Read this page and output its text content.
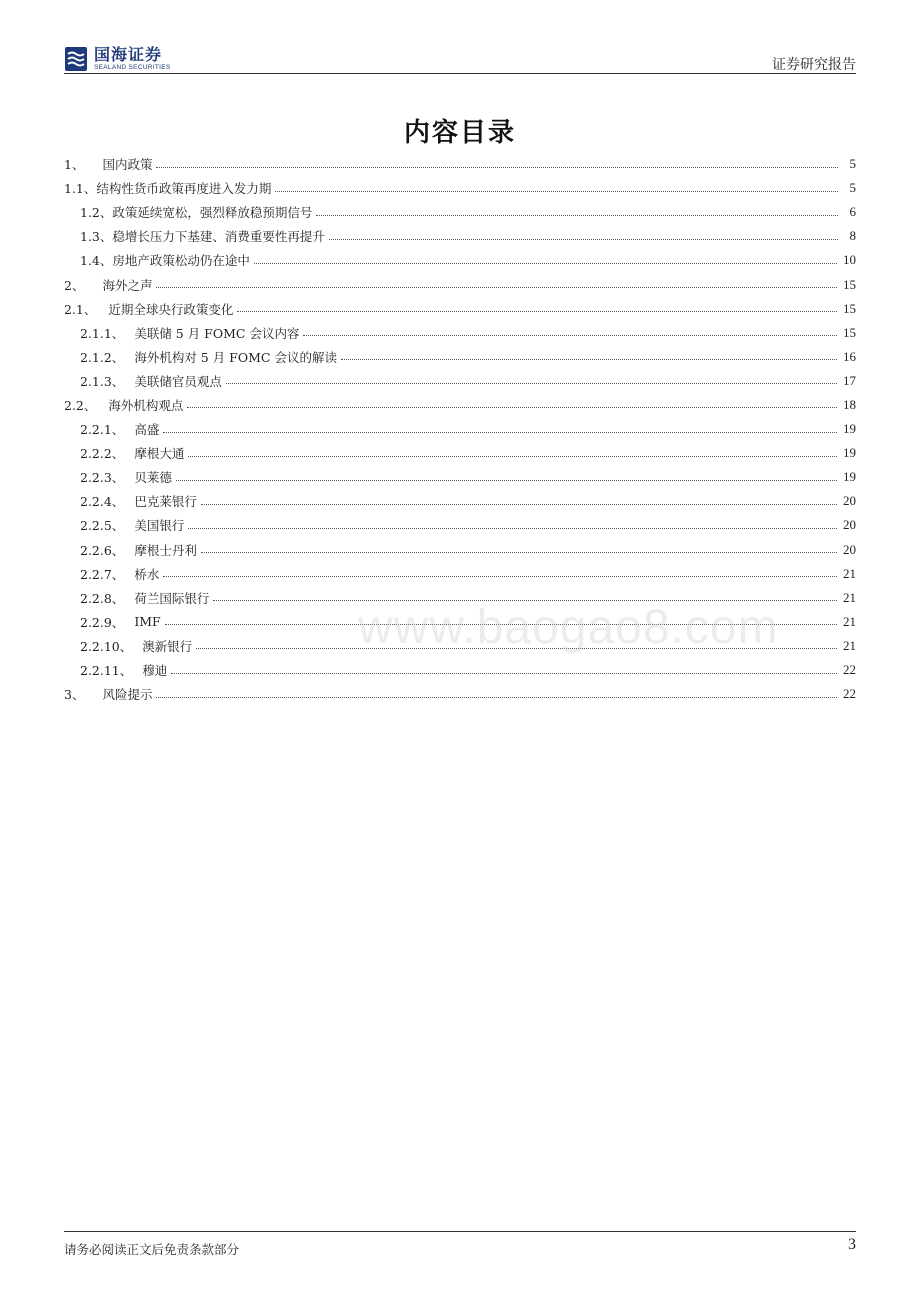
国海证券
SEALAND SECURITIES	证券研究报告
内容目录
1、 国内政策	5
1.1、 结构性货币政策再度进入发力期	5
1.2、 政策延续宽松，强烈释放稳预期信号	6
1.3、 稳增长压力下基建、消费重要性再提升	8
1.4、 房地产政策松动仍在途中	10
2、 海外之声	15
2.1、 近期全球央行政策变化	15
2.1.1、 美联储 5 月 FOMC 会议内容	15
2.1.2、 海外机构对 5 月 FOMC 会议的解读	16
2.1.3、 美联储官员观点	17
2.2、 海外机构观点	18
2.2.1、 高盛	19
2.2.2、 摩根大通	19
2.2.3、 贝莱德	19
2.2.4、 巴克莱银行	20
2.2.5、 美国银行	20
2.2.6、 摩根士丹利	20
2.2.7、 桥水	21
2.2.8、 荷兰国际银行	21
2.2.9、 IMF	21
2.2.10、 澳新银行	21
2.2.11、 穆迪	22
3、 风险提示	22
www.baogao8.com
请务必阅读正文后免责条款部分	3
